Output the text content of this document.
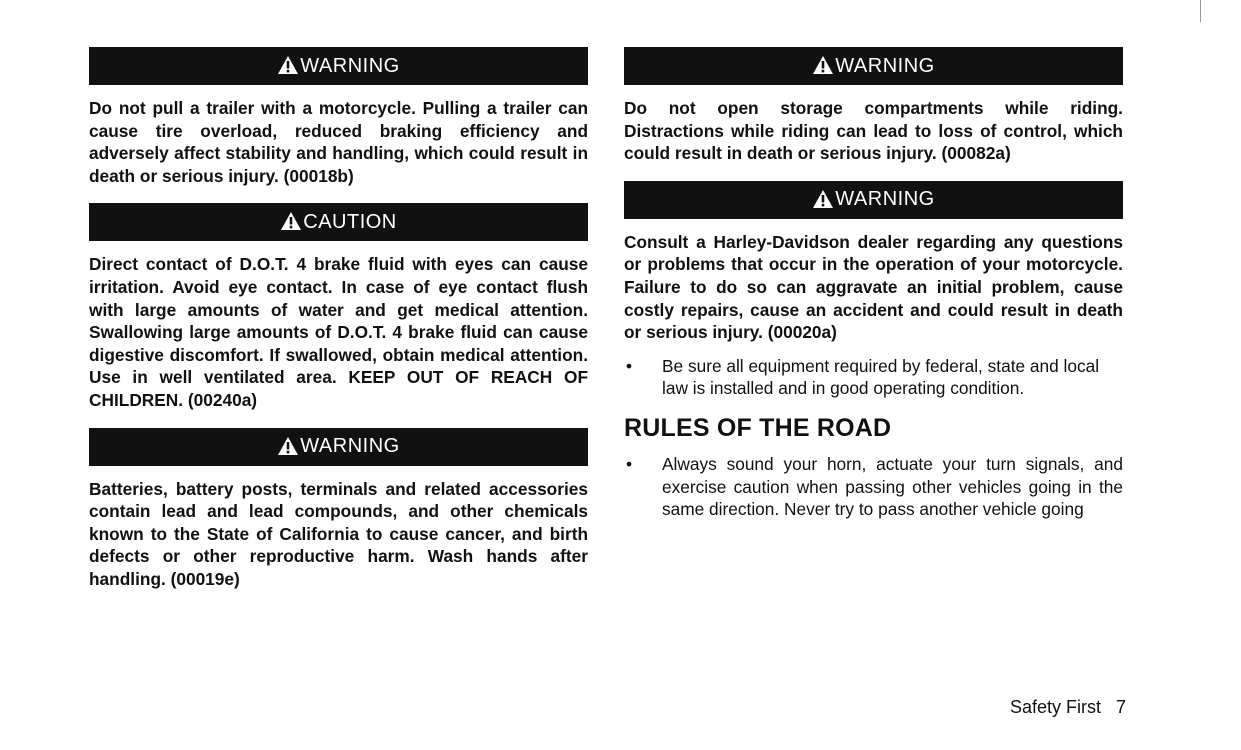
WARNING

Do not pull a trailer with a motorcycle. Pulling a trailer can cause tire overload, reduced braking efficiency and adversely affect stability and handling, which could result in death or serious injury. (00018b)

CAUTION

Direct contact of D.O.T. 4 brake fluid with eyes can cause irritation. Avoid eye contact. In case of eye contact flush with large amounts of water and get medical attention. Swallowing large amounts of D.O.T. 4 brake fluid can cause digestive discomfort. If swallowed, obtain medical attention. Use in well ventilated area. KEEP OUT OF REACH OF CHILDREN. (00240a)

WARNING

Batteries, battery posts, terminals and related accessories contain lead and lead compounds, and other chemicals known to the State of California to cause cancer, and birth defects or other reproductive harm. Wash hands after handling. (00019e)

WARNING

Do not open storage compartments while riding. Distractions while riding can lead to loss of control, which could result in death or serious injury. (00082a)

WARNING

Consult a Harley-Davidson dealer regarding any questions or problems that occur in the operation of your motorcycle. Failure to do so can aggravate an initial problem, cause costly repairs, cause an accident and could result in death or serious injury. (00020a)

•	Be sure all equipment required by federal, state and local law is installed and in good operating condition.
RULES OF THE ROAD
•	Always sound your horn, actuate your turn signals, and exercise caution when passing other vehicles going in the same direction. Never try to pass another vehicle going
Safety First 7
